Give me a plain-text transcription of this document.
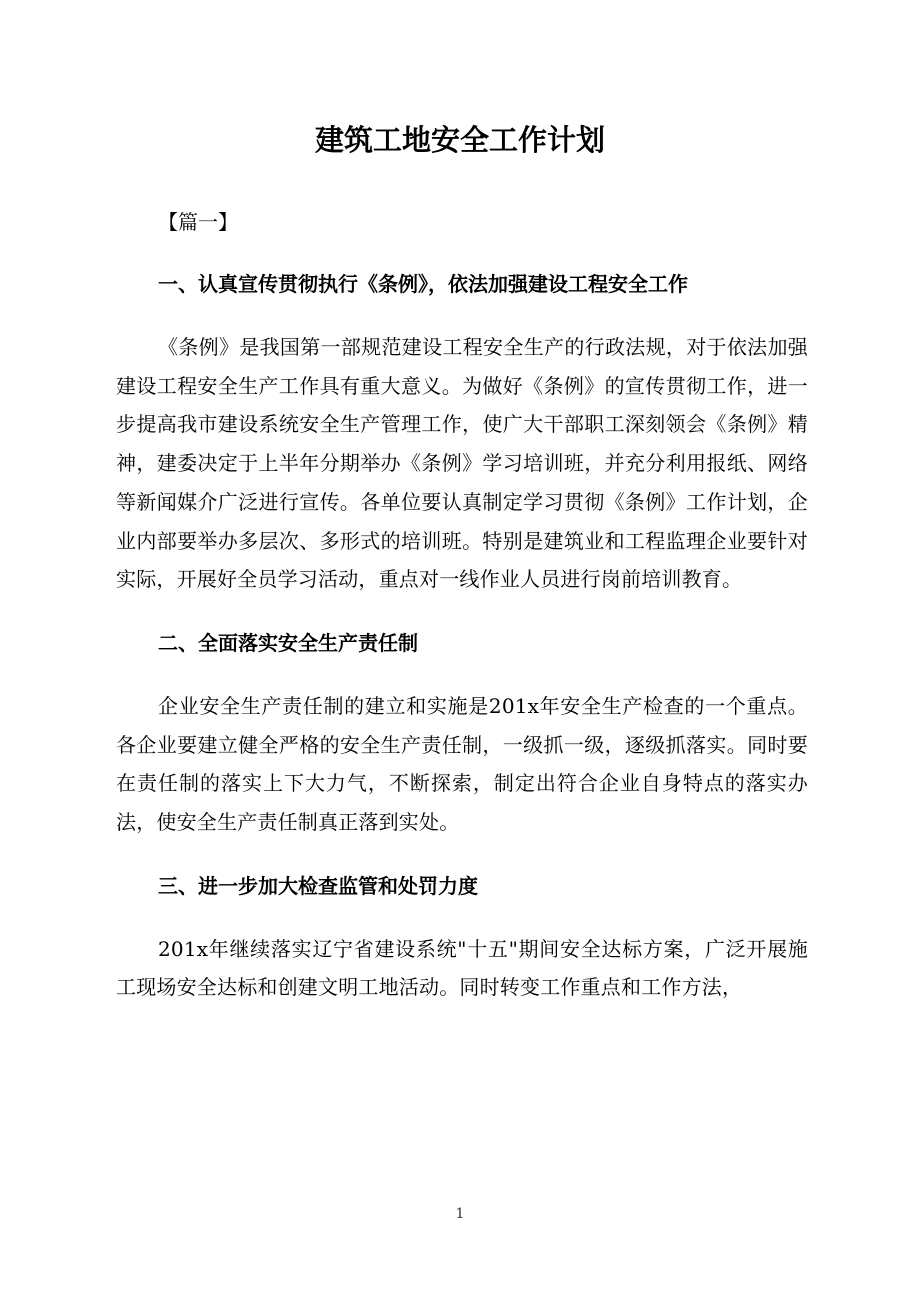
建筑工地安全工作计划

【篇一】

一、认真宣传贯彻执行《条例》，依法加强建设工程安全工作

《条例》是我国第一部规范建设工程安全生产的行政法规，对于依法加强建设工程安全生产工作具有重大意义。为做好《条例》的宣传贯彻工作，进一步提高我市建设系统安全生产管理工作，使广大干部职工深刻领会《条例》精神，建委决定于上半年分期举办《条例》学习培训班，并充分利用报纸、网络等新闻媒介广泛进行宣传。各单位要认真制定学习贯彻《条例》工作计划，企业内部要举办多层次、多形式的培训班。特别是建筑业和工程监理企业要针对实际，开展好全员学习活动，重点对一线作业人员进行岗前培训教育。

二、全面落实安全生产责任制

企业安全生产责任制的建立和实施是201x年安全生产检查的一个重点。各企业要建立健全严格的安全生产责任制，一级抓一级，逐级抓落实。同时要在责任制的落实上下大力气，不断探索，制定出符合企业自身特点的落实办法，使安全生产责任制真正落到实处。

三、进一步加大检查监管和处罚力度

201x年继续落实辽宁省建设系统"十五"期间安全达标方案，广泛开展施工现场安全达标和创建文明工地活动。同时转变工作重点和工作方法，

1
